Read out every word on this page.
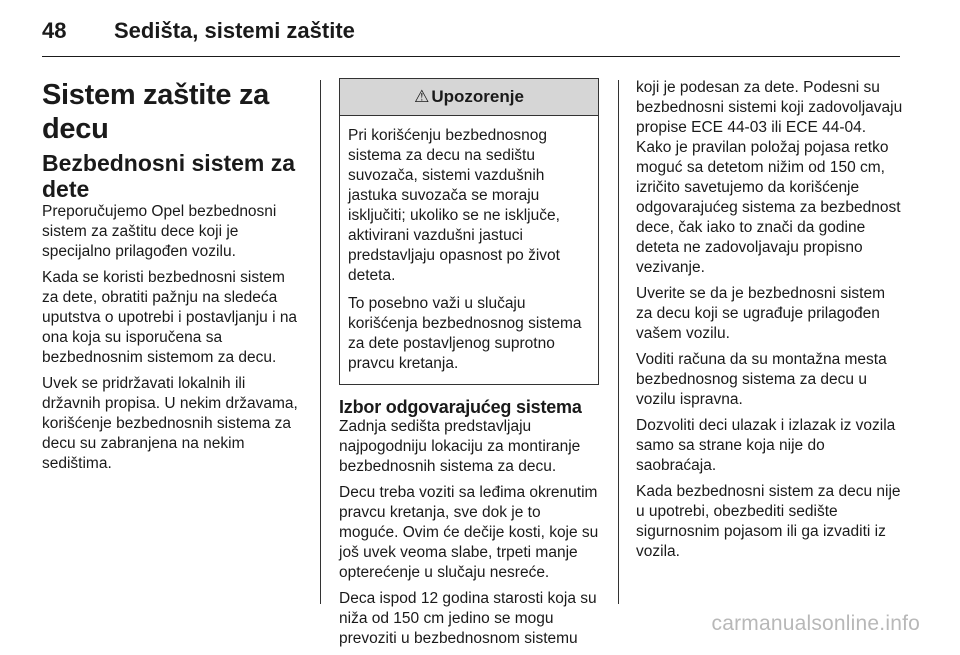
48 Sedišta, sistemi zaštite
Sistem zaštite za decu
Bezbednosni sistem za dete

Preporučujemo Opel bezbednosni sistem za zaštitu dece koji je specijalno prilagođen vozilu.

Kada se koristi bezbednosni sistem za dete, obratiti pažnju na sledeća uputstva o upotrebi i postavljanju i na ona koja su isporučena sa bezbednosnim sistemom za decu.

Uvek se pridržavati lokalnih ili državnih propisa. U nekim državama, korišćenje bezbednosnih sistema za decu su zabranjena na nekim sedištima.

⚠ Upozorenje

Pri korišćenju bezbednosnog sistema za decu na sedištu suvozača, sistemi vazdušnih jastuka suvozača se moraju isključiti; ukoliko se ne isključe, aktivirani vazdušni jastuci predstavljaju opasnost po život deteta.

To posebno važi u slučaju korišćenja bezbednosnog sistema za dete postavljenog suprotno pravcu kretanja.

Izbor odgovarajućeg sistema

Zadnja sedišta predstavljaju najpogodniju lokaciju za montiranje bezbednosnih sistema za decu.

Decu treba voziti sa leđima okrenutim pravcu kretanja, sve dok je to moguće. Ovim će dečije kosti, koje su još uvek veoma slabe, trpeti manje opterećenje u slučaju nesreće.

Deca ispod 12 godina starosti koja su niža od 150 cm jedino se mogu prevoziti u bezbednosnom sistemu

koji je podesan za dete. Podesni su bezbednosni sistemi koji zadovoljavaju propise ECE 44-03 ili ECE 44-04. Kako je pravilan položaj pojasa retko moguć sa detetom nižim od 150 cm, izričito savetujemo da korišćenje odgovarajućeg sistema za bezbednost dece, čak iako to znači da godine deteta ne zadovoljavaju propisno vezivanje.

Uverite se da je bezbednosni sistem za decu koji se ugrađuje prilagođen vašem vozilu.

Voditi računa da su montažna mesta bezbednosnog sistema za decu u vozilu ispravna.

Dozvoliti deci ulazak i izlazak iz vozila samo sa strane koja nije do saobraćaja.

Kada bezbednosni sistem za decu nije u upotrebi, obezbediti sedište sigurnosnim pojasom ili ga izvaditi iz vozila.

carmanualsonline.info
